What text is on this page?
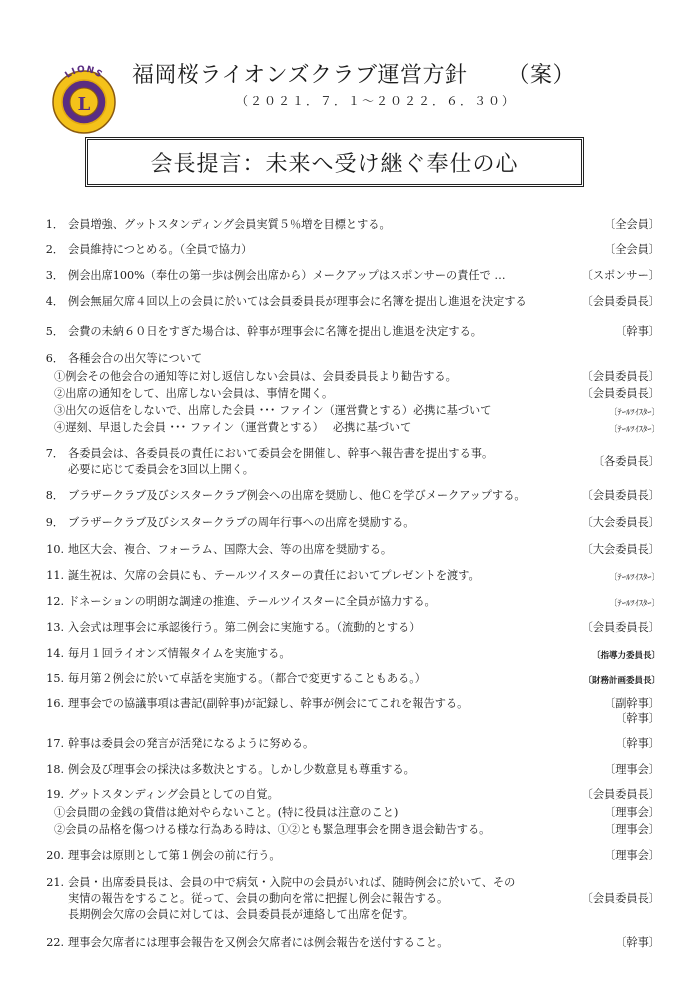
L
LIONS 福岡桜ライオンズクラブ運営方針 （案）
（２０２１．７．１～２０２２．６．３０）
会長提言：未来へ受け継ぐ奉仕の心
1． 会員増強、グットスタンディング会員実質５％増を目標とする。	〔全会員〕
2． 会員維持につとめる。（全員で協力）	〔全会員〕
3． 例会出席100%（奉仕の第一歩は例会出席から）メークアップはスポンサーの責任で …	〔スポンサー〕
4． 例会無届欠席４回以上の会員に於いては会員委員長が理事会に名簿を提出し進退を決定する	〔会員委員長〕
5． 会費の未納６０日をすぎた場合は、幹事が理事会に名簿を提出し進退を決定する。	〔幹事〕
6． 各種会合の出欠等について
①例会その他会合の通知等に対し返信しない会員は、会員委員長より勧告する。	〔会員委員長〕
②出席の通知をして、出席しない会員は、事情を聞く。	〔会員委員長〕
③出欠の返信をしないで、出席した会員 ･･･ ファイン（運営費とする）必携に基づいて	〔ﾃｰﾙﾂｲｽﾀｰ〕
④遅刻、早退した会員 ･･･ ファイン（運営費とする）　 必携に基づいて	〔ﾃｰﾙﾂｲｽﾀｰ〕
7． 各委員会は、各委員長の責任において委員会を開催し、幹事へ報告書を提出する事。
必要に応じて委員会を3回以上開く。
〔各委員長〕
8． ブラザークラブ及びシスタークラブ例会への出席を奨励し、他Ｃを学びメークアップする。	〔会員委員長〕
9． ブラザークラブ及びシスタークラブの周年行事への出席を奨励する。	〔大会委員長〕
10. 地区大会、複合、フォーラム、国際大会、等の出席を奨励する。	〔大会委員長〕
11. 誕生祝は、欠席の会員にも、テールツイスターの責任においてプレゼントを渡す。	〔ﾃｰﾙﾂｲｽﾀｰ〕
12. ドネーションの明朗な調達の推進、テールツイスターに全員が協力する。	〔ﾃｰﾙﾂｲｽﾀｰ〕
13. 入会式は理事会に承認後行う。第二例会に実施する。（流動的とする）	〔会員委員長〕
14. 毎月１回ライオンズ情報タイムを実施する。	〔指導力委員長〕
15. 毎月第２例会に於いて卓話を実施する。（都合で変更することもある。）	〔財務計画委員長〕
16. 理事会での協議事項は書記(副幹事)が記録し、幹事が例会にてこれを報告する。	〔副幹事〕
〔幹事〕
17. 幹事は委員会の発言が活発になるように努める。	〔幹事〕
18. 例会及び理事会の採決は多数決とする。しかし少数意見も尊重する。	〔理事会〕
19. グットスタンディング会員としての自覚。	〔会員委員長〕
①会員間の金銭の貸借は絶対やらないこと。(特に役員は注意のこと)	〔理事会〕
②会員の品格を傷つける様な行為ある時は、①②とも緊急理事会を開き退会勧告する。	〔理事会〕
20. 理事会は原則として第１例会の前に行う。	〔理事会〕
21. 会員・出席委員長は、会員の中で病気・入院中の会員がいれば、随時例会に於いて、その
実情の報告をすること。従って、会員の動向を常に把握し例会に報告する。
長期例会欠席の会員に対しては、会員委員長が連絡して出席を促す。
〔会員委員長〕
22. 理事会欠席者には理事会報告を又例会欠席者には例会報告を送付すること。	〔幹事〕
